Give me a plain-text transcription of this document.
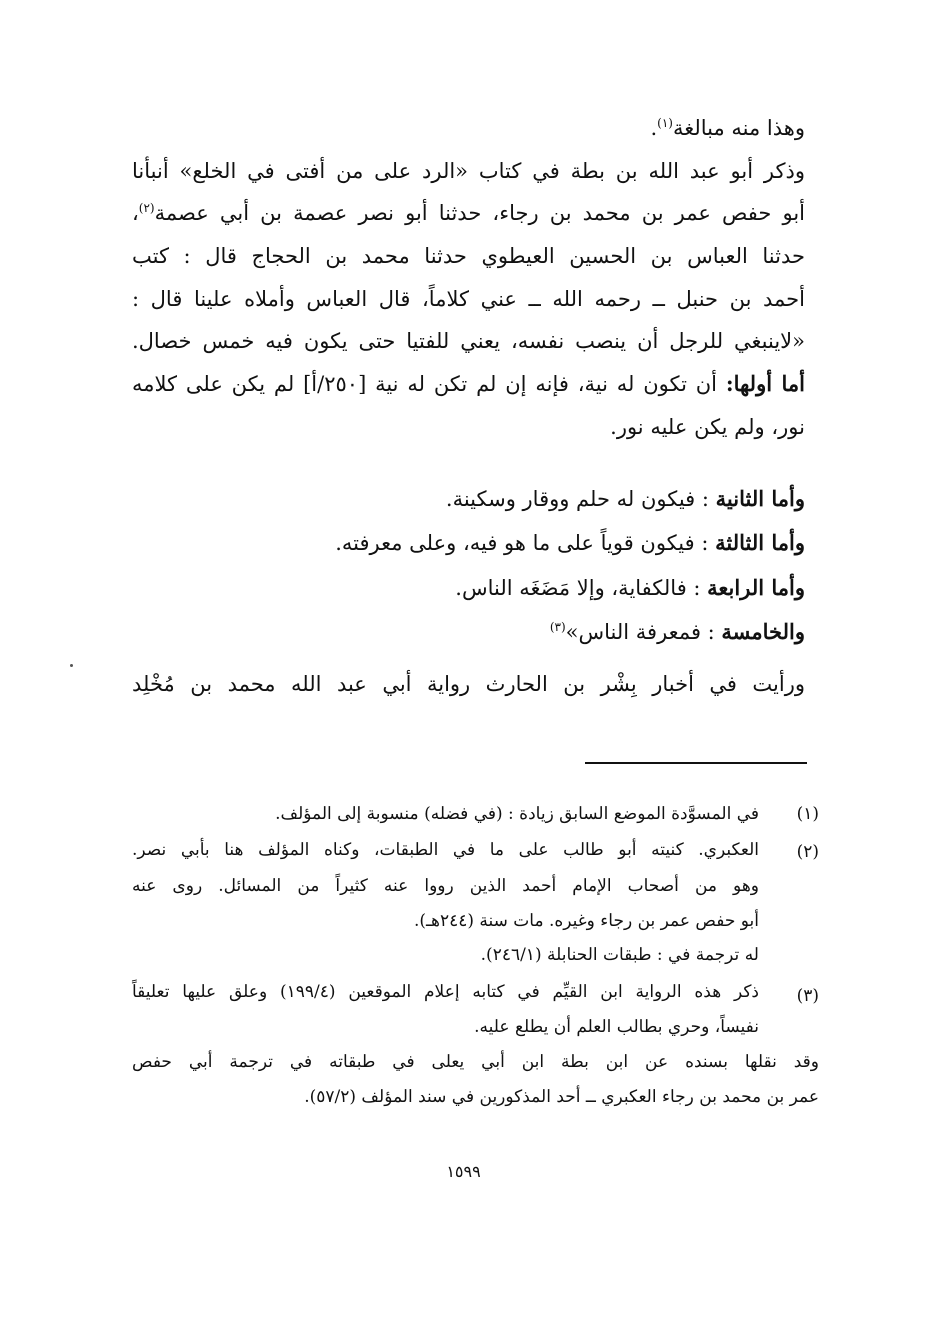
وهذا منه مبالغة$^{(١)}$.
وذكر أبو عبد الله بن بطة في كتاب «الرد على من أفتى في الخلع» أنبأنا
أبو حفص عمر بن محمد بن رجاء، حدثنا أبو نصر عصمة بن أبي عصمة$^{(٢)}$،
حدثنا العباس بن الحسين العيطوي حدثنا محمد بن الحجاج قال : كتب
أحمد بن حنبل ــ رحمه الله ــ عني كلاماً، قال العباس وأملاه علينا قال :
«لاينبغي للرجل أن ينصب نفسه، يعني للفتيا حتى يكون فيه خمس خصال.
أما أولها: أن تكون له نية، فإنه إن لم تكن له نية [٢٥٠/أ] لم يكن على كلامه
نور، ولم يكن عليه نور.
وأما الثانية : فيكون له حلم ووقار وسكينة.
وأما الثالثة : فيكون قوياً على ما هو فيه، وعلى معرفته.
وأما الرابعة : فالكفاية، وإلا مَضَغَه الناس.
والخامسة : فمعرفة الناس»$^{(٣)}$
ورأيت في أخبار بِشْر بن الحارث رواية أبي عبد الله محمد بن مُخْلِد
(١)
في المسوَّدة الموضع السابق زيادة : (في فضله) منسوبة إلى المؤلف.
(٢)
العكبري. كنيته أبو طالب على ما في الطبقات، وكناه المؤلف هنا بأبي نصر.
وهو من أصحاب الإمام أحمد الذين رووا عنه كثيراً من المسائل. روى عنه
أبو حفص عمر بن رجاء وغيره. مات سنة (٢٤٤هـ).
له ترجمة في : طبقات الحنابلة (٢٤٦/١).
(٣)
ذكر هذه الرواية ابن القيِّم في كتابه إعلام الموقعين (١٩٩/٤) وعلق عليها تعليقاً
نفيساً، وحري بطالب العلم أن يطلع عليه.
وقد نقلها بسنده عن ابن بطة ابن أبي يعلى في طبقاته في ترجمة أبي حفص
عمر بن محمد بن رجاء العكبري ــ أحد المذكورين في سند المؤلف (٥٧/٢).
١٥٩٩
